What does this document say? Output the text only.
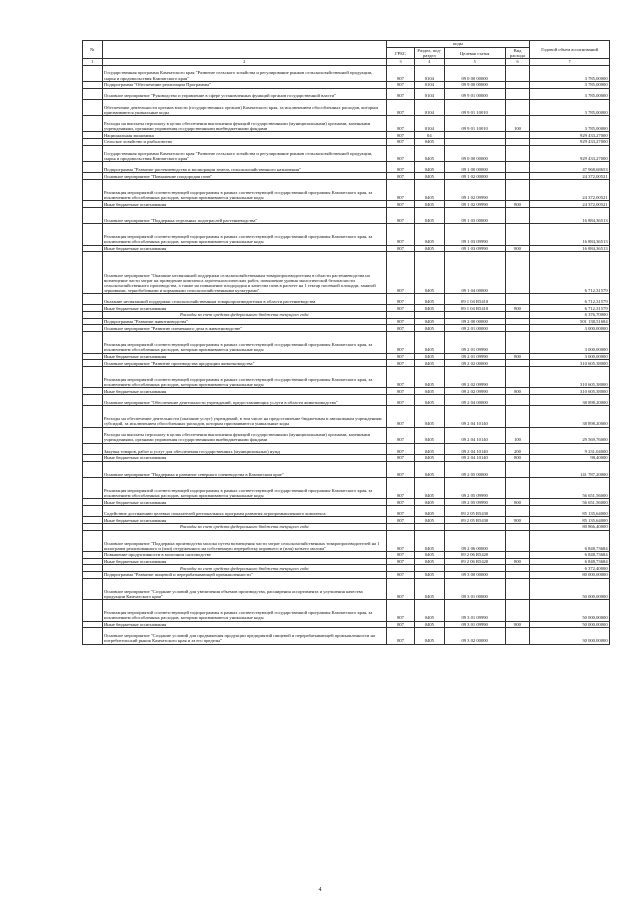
№		коды				Годовой объем ассигнований
		ГРБС	Раздел, под-раздел	Целевая статья	Вид расхода	
1	2	3	4	5	6	7
	Государственная программа Камчатского края "Развитие сельского хозяйства и регулирование рынков сельскохозяйственной продукции, сырья и продовольствия Камчатского края"	807	0104	09 0 00 00000		3 785,00000
	Подпрограмма "Обеспечение реализации Программы"	807	0104	09 9 00 00000		3 785,00000
	Основное мероприятие "Руководство и управление в сфере установленных функций органов государственной власти"	807	0104	09 9 01 00000		3 785,00000
	Обеспечение деятельности органов власти (государственных органов) Камчатского края, за исключением обособленных расходов, которым присваиваются уникальные коды	807	0104	09 9 01 10010		3 785,00000
	Расходы на выплаты персоналу в целях обеспечения выполнения функций государственными (муниципальными) органами, казенными учреждениями, органами управления государственными внебюджетными фондами	807	0104	09 9 01 10010	100	3 785,00000
	Национальная экономика	807	04			929 433,27000
	Сельское хозяйство и рыболовство	807	0405			929 433,27000
	Государственная программа Камчатского края "Развитие сельского хозяйства и регулирование рынков сельскохозяйственной продукции, сырья и продовольствия Камчатского края"	807	0405	09 0 00 00000		929 433,27000
	Подпрограмма "Развитие растениеводства и мелиорации земель сельскохозяйственного назначения"	807	0405	09 1 00 00000		47 968,68653
	Основное мероприятие "Повышение плодородия почв"	807	0405	09 1 02 00000		24 372,00521
	Реализация мероприятий соответствующей подпрограммы в рамках соответствующей государственной программы Камчатского края, за исключением обособленных расходов, которым присваиваются уникальные коды	807	0405	09 1 02 09990		24 372,00521
	Иные бюджетные ассигнования	807	0405	09 1 02 09990	800	24 372,00521
	Основное мероприятие "Поддержка отдельных подотраслей растениеводства"	807	0405	09 1 03 00000		16 884,36513
	Реализация мероприятий соответствующей подпрограммы в рамках соответствующей государственной программы Камчатского края, за исключением обособленных расходов, которым присваиваются уникальные коды	807	0405	09 1 03 09990		16 884,36513
	Иные бюджетные ассигнования	807	0405	09 1 03 09990	800	16 884,36513
	Основное мероприятие "Оказание несвязанной поддержки сельскохозяйственным товаропроизводителям в области растениеводства на возмещение части затрат на проведение комплекса агротехнологических работ, повышение уровня экологической безопасности сельскохозяйственного производства, а также на повышение плодородия и качества почв в расчете на 1 гектар посевной площади, занятой зерновыми, зернобобовыми и кормовыми сельскохозяйственными культурами"	807	0405	09 1 04 00000		6 712,31579
	Оказание несвязанной поддержки сельскохозяйственным товаропроизводителям в области растениеводства	807	0405	09 1 04 R5410		6 712,31579
	Иные бюджетные ассигнования	807	0405	09 1 04 R5410	800	6 712,31579
	Расходы за счет средств федерального бюджета текущего года					6 376,70000
	Подпрограмма "Развитие животноводства"	807	0405	09 2 00 00000		501 138,51684
	Основное мероприятие "Развитие племенного дела в животноводстве"	807	0405	09 2 01 00000		3 000,00000
	Реализация мероприятий соответствующей подпрограммы в рамках соответствующей государственной программы Камчатского края, за исключением обособленных расходов, которым присваиваются уникальные коды	807	0405	09 2 01 09990		3 000,00000
	Иные бюджетные ассигнования	807	0405	09 2 01 09990	800	3 000,00000
	Основное мероприятие "Развитие производства продукции животноводства"	807	0405	09 2 02 00000		310 605,38000
	Реализация мероприятий соответствующей подпрограммы в рамках соответствующей государственной программы Камчатского края, за исключением обособленных расходов, которым присваиваются уникальные коды	807	0405	09 2 02 09990		310 605,38000
	Иные бюджетные ассигнования	807	0405	09 2 02 09990	800	310 605,38000
	Основное мероприятие "Обеспечение деятельности учреждений, предоставляющих услуги в области животноводства"	807	0405	09 2 04 00000		38 898,20000
	Расходы на обеспечение деятельности (оказание услуг) учреждений, в том числе на предоставление бюджетным и автономным учреждениям субсидий, за исключением обособленных расходов, которым присваиваются уникальные коды	807	0405	09 2 04 10140		38 898,20000
	Расходы на выплаты персоналу в целях обеспечения выполнения функций государственными (муниципальными) органами, казенными учреждениями, органами управления государственными внебюджетными фондами	807	0405	09 2 04 10140	100	29 569,76000
	Закупка товаров, работ и услуг для обеспечения государственных (муниципальных) нужд	807	0405	09 2 04 10140	200	9 231,04000
	Иные бюджетные ассигнования	807	0405	09 2 04 10140	800	98,40000
	Основное мероприятие "Поддержка и развитие северного оленеводства в Камчатском крае"	807	0405	09 2 05 00000		141 787,20000
	Реализация мероприятий соответствующей подпрограммы в рамках соответствующей государственной программы Камчатского края, за исключением обособленных расходов, которым присваиваются уникальные коды	807	0405	09 2 05 09990		56 651,56000
	Иные бюджетные ассигнования	807	0405	09 2 05 09990	800	56 651,56000
	Содействие достижению целевых показателей региональных программ развития агропромышленного комплекса	807	0405	09 2 05 R5430		85 135,64000
	Иные бюджетные ассигнования	807	0405	09 2 05 R5430	800	85 135,64000
	Расходы за счет средств федерального бюджета текущего года					80 866,40000
	Основное мероприятие "Поддержка производства молока путем возмещения части затрат сельскохозяйственных товаропроизводителей на 1 килограмм реализованного и (или) отгруженного на собственную переработку коровьего и (или) козьего молока"	807	0405	09 2 06 00000		6 848,73684
	Повышение продуктивности в молочном скотоводстве	807	0405	09 2 06 R5420		6 848,73684
	Иные бюджетные ассигнования	807	0405	09 2 06 R5420	800	6 848,73684
	Расходы за счет средств федерального бюджета текущего года					6 372,40000
	Подпрограмма "Развитие пищевой и перерабатывающей промышленности"	807	0405	09 3 00 00000		80 000,00000
	Основное мероприятие "Создание условий для увеличения объемов производства, расширения ассортимента и улучшения качества продукции Камчатского края"	807	0405	09 3 01 00000		50 000,00000
	Реализация мероприятий соответствующей подпрограммы в рамках соответствующей государственной программы Камчатского края, за исключением обособленных расходов, которым присваиваются уникальные коды	807	0405	09 3 01 09990		50 000,00000
	Иные бюджетные ассигнования	807	0405	09 3 01 09990	800	50 000,00000
	Основное мероприятие "Создание условий для продвижения продукции предприятий пищевой и перерабатывающей промышленности на потребительский рынок Камчатского края и за его пределы"	807	0405	09 3 02 00000		30 000,00000
4
